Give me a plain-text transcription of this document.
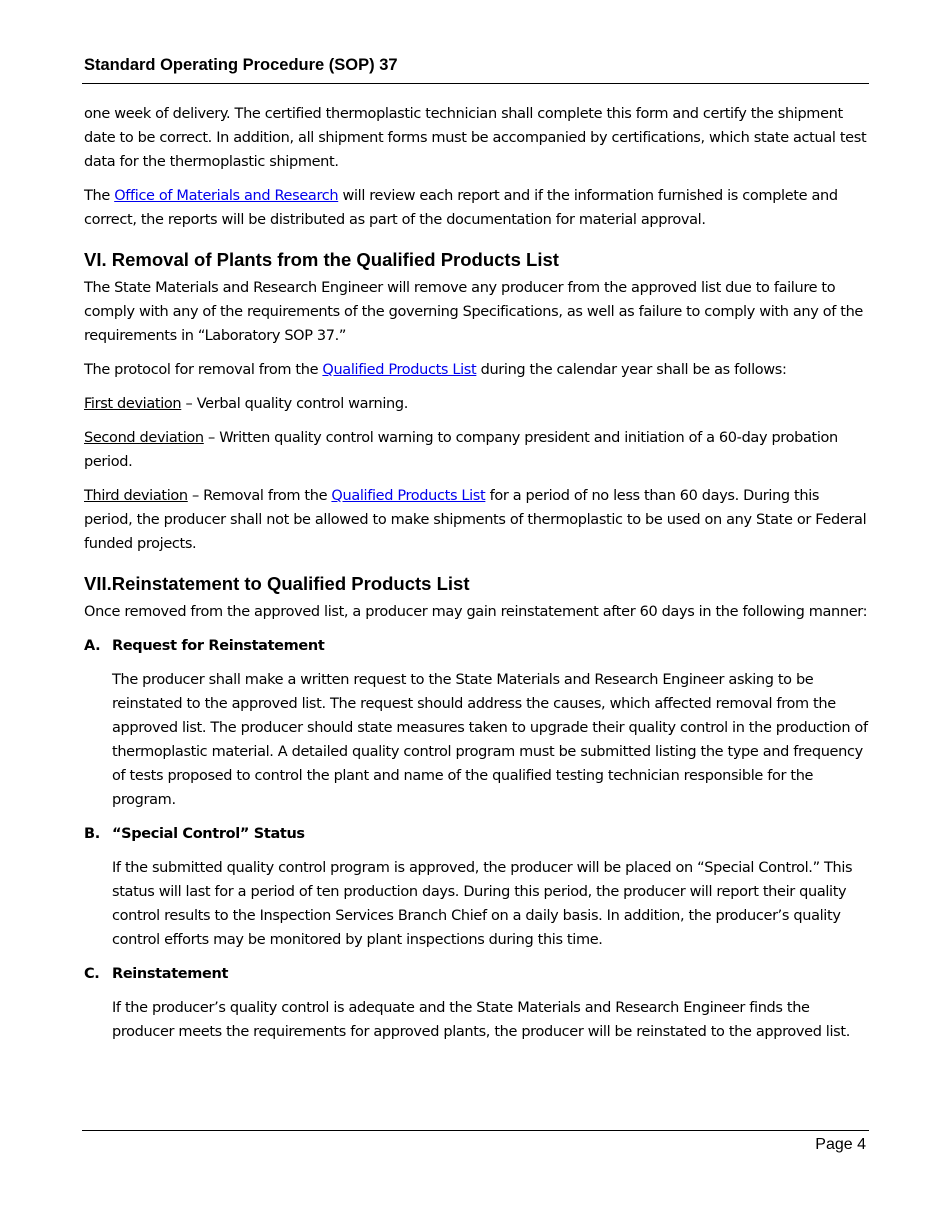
Standard Operating Procedure (SOP) 37

one week of delivery. The certified thermoplastic technician shall complete this form and certify the shipment date to be correct. In addition, all shipment forms must be accompanied by certifications, which state actual test data for the thermoplastic shipment.

The Office of Materials and Research will review each report and if the information furnished is complete and correct, the reports will be distributed as part of the documentation for material approval.

VI. Removal of Plants from the Qualified Products List

The State Materials and Research Engineer will remove any producer from the approved list due to failure to comply with any of the requirements of the governing Specifications, as well as failure to comply with any of the requirements in “Laboratory SOP 37.”

The protocol for removal from the Qualified Products List during the calendar year shall be as follows:

First deviation – Verbal quality control warning.

Second deviation – Written quality control warning to company president and initiation of a 60-day probation period.

Third deviation – Removal from the Qualified Products List for a period of no less than 60 days. During this period, the producer shall not be allowed to make shipments of thermoplastic to be used on any State or Federal funded projects.

VII.Reinstatement to Qualified Products List

Once removed from the approved list, a producer may gain reinstatement after 60 days in the following manner:

A. Request for Reinstatement

The producer shall make a written request to the State Materials and Research Engineer asking to be reinstated to the approved list. The request should address the causes, which affected removal from the approved list. The producer should state measures taken to upgrade their quality control in the production of thermoplastic material. A detailed quality control program must be submitted listing the type and frequency of tests proposed to control the plant and name of the qualified testing technician responsible for the program.

B. “Special Control” Status

If the submitted quality control program is approved, the producer will be placed on “Special Control.” This status will last for a period of ten production days. During this period, the producer will report their quality control results to the Inspection Services Branch Chief on a daily basis. In addition, the producer’s quality control efforts may be monitored by plant inspections during this time.

C. Reinstatement

If the producer’s quality control is adequate and the State Materials and Research Engineer finds the producer meets the requirements for approved plants, the producer will be reinstated to the approved list.

Page 4
